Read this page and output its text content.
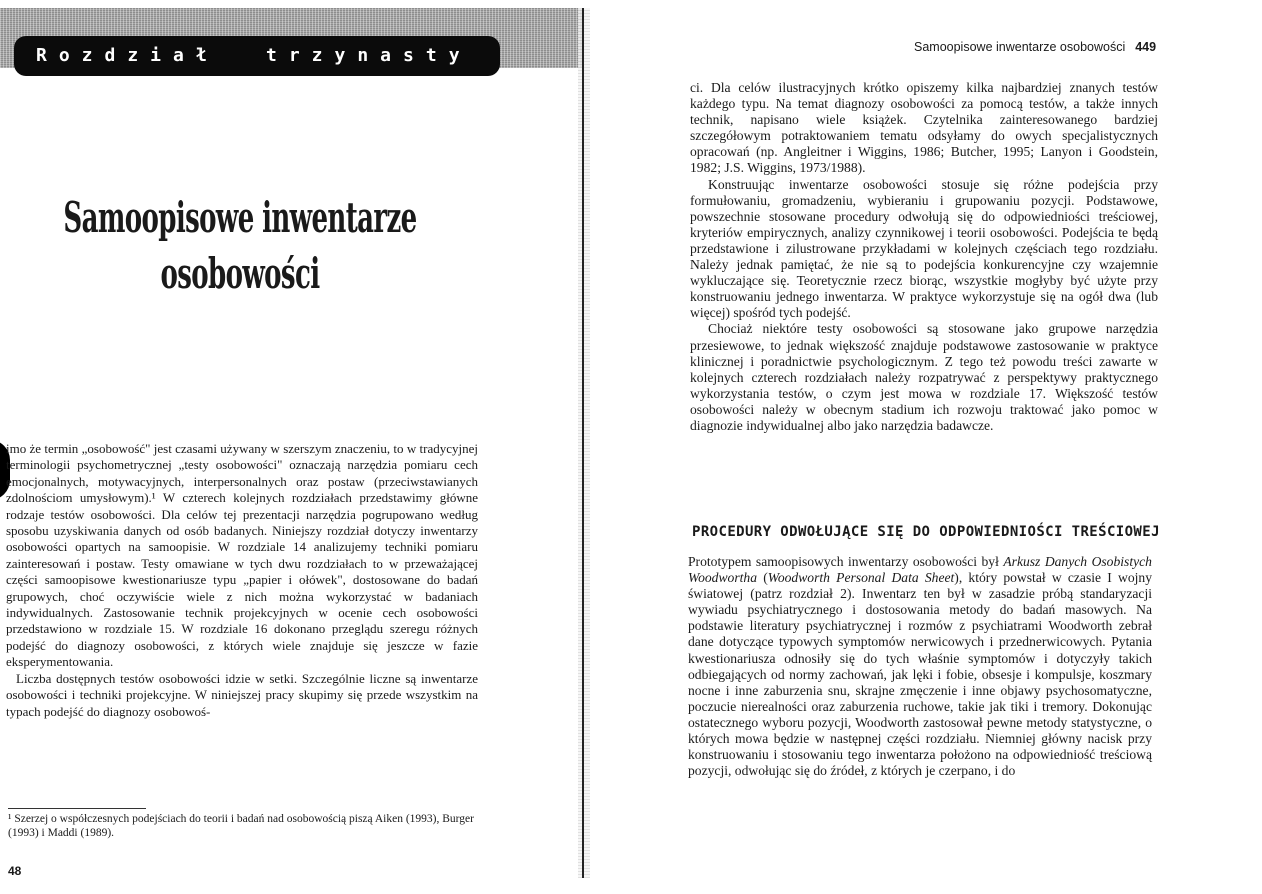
Rozdział	trzynasty
Samoopisowe inwentarze
osobowości

imo że termin „osobowość" jest czasami używany w szerszym znaczeniu, to w tradycyjnej terminologii psychometrycznej „testy osobowości" oznaczają narzędzia pomiaru cech emocjonalnych, motywacyjnych, interpersonalnych oraz postaw (przeciwstawianych zdolnościom umysłowym).¹ W czterech kolejnych rozdziałach przedstawimy główne rodzaje testów osobowości. Dla celów tej prezentacji narzędzia pogrupowano według sposobu uzyskiwania danych od osób badanych. Niniejszy rozdział dotyczy inwentarzy osobowości opartych na samoopisie. W rozdziale 14 analizujemy techniki pomiaru zainteresowań i postaw. Testy omawiane w tych dwu rozdziałach to w przeważającej części samoopisowe kwestionariusze typu „papier i ołówek", dostosowane do badań grupowych, choć oczywiście wiele z nich można wykorzystać w badaniach indywidualnych. Zastosowanie technik projekcyjnych w ocenie cech osobowości przedstawiono w rozdziale 15. W rozdziale 16 dokonano przeglądu szeregu różnych podejść do diagnozy osobowości, z których wiele znajduje się jeszcze w fazie eksperymentowania.

Liczba dostępnych testów osobowości idzie w setki. Szczególnie liczne są inwentarze osobowości i techniki projekcyjne. W niniejszej pracy skupimy się przede wszystkim na typach podejść do diagnozy osobowoś-

¹ Szerzej o współczesnych podejściach do teorii i badań nad osobowością piszą Aiken (1993), Burger (1993) i Maddi (1989).

48
Samoopisowe inwentarze osobowości 449

ci. Dla celów ilustracyjnych krótko opiszemy kilka najbardziej znanych testów każdego typu. Na temat diagnozy osobowości za pomocą testów, a także innych technik, napisano wiele książek. Czytelnika zainteresowanego bardziej szczegółowym potraktowaniem tematu odsyłamy do owych specjalistycznych opracowań (np. Angleitner i Wiggins, 1986; Butcher, 1995; Lanyon i Goodstein, 1982; J.S. Wiggins, 1973/1988).

Konstruując inwentarze osobowości stosuje się różne podejścia przy formułowaniu, gromadzeniu, wybieraniu i grupowaniu pozycji. Podstawowe, powszechnie stosowane procedury odwołują się do odpowiedniości treściowej, kryteriów empirycznych, analizy czynnikowej i teorii osobowości. Podejścia te będą przedstawione i zilustrowane przykładami w kolejnych częściach tego rozdziału. Należy jednak pamiętać, że nie są to podejścia konkurencyjne czy wzajemnie wykluczające się. Teoretycznie rzecz biorąc, wszystkie mogłyby być użyte przy konstruowaniu jednego inwentarza. W praktyce wykorzystuje się na ogół dwa (lub więcej) spośród tych podejść.

Chociaż niektóre testy osobowości są stosowane jako grupowe narzędzia przesiewowe, to jednak większość znajduje podstawowe zastosowanie w praktyce klinicznej i poradnictwie psychologicznym. Z tego też powodu treści zawarte w kolejnych czterech rozdziałach należy rozpatrywać z perspektywy praktycznego wykorzystania testów, o czym jest mowa w rozdziale 17. Większość testów osobowości należy w obecnym stadium ich rozwoju traktować jako pomoc w diagnozie indywidualnej albo jako narzędzia badawcze.

PROCEDURY ODWOŁUJĄCE SIĘ DO ODPOWIEDNIOŚCI TREŚCIOWEJ

Prototypem samoopisowych inwentarzy osobowości był Arkusz Danych Osobistych Woodwortha (Woodworth Personal Data Sheet), który powstał w czasie I wojny światowej (patrz rozdział 2). Inwentarz ten był w zasadzie próbą standaryzacji wywiadu psychiatrycznego i dostosowania metody do badań masowych. Na podstawie literatury psychiatrycznej i rozmów z psychiatrami Woodworth zebrał dane dotyczące typowych symptomów nerwicowych i przednerwicowych. Pytania kwestionariusza odnosiły się do tych właśnie symptomów i dotyczyły takich odbiegających od normy zachowań, jak lęki i fobie, obsesje i kompulsje, koszmary nocne i inne zaburzenia snu, skrajne zmęczenie i inne objawy psychosomatyczne, poczucie nierealności oraz zaburzenia ruchowe, takie jak tiki i tremory. Dokonując ostatecznego wyboru pozycji, Woodworth zastosował pewne metody statystyczne, o których mowa będzie w następnej części rozdziału. Niemniej główny nacisk przy konstruowaniu i stosowaniu tego inwentarza położono na odpowiedniość treściową pozycji, odwołując się do źródeł, z których je czerpano, i do
